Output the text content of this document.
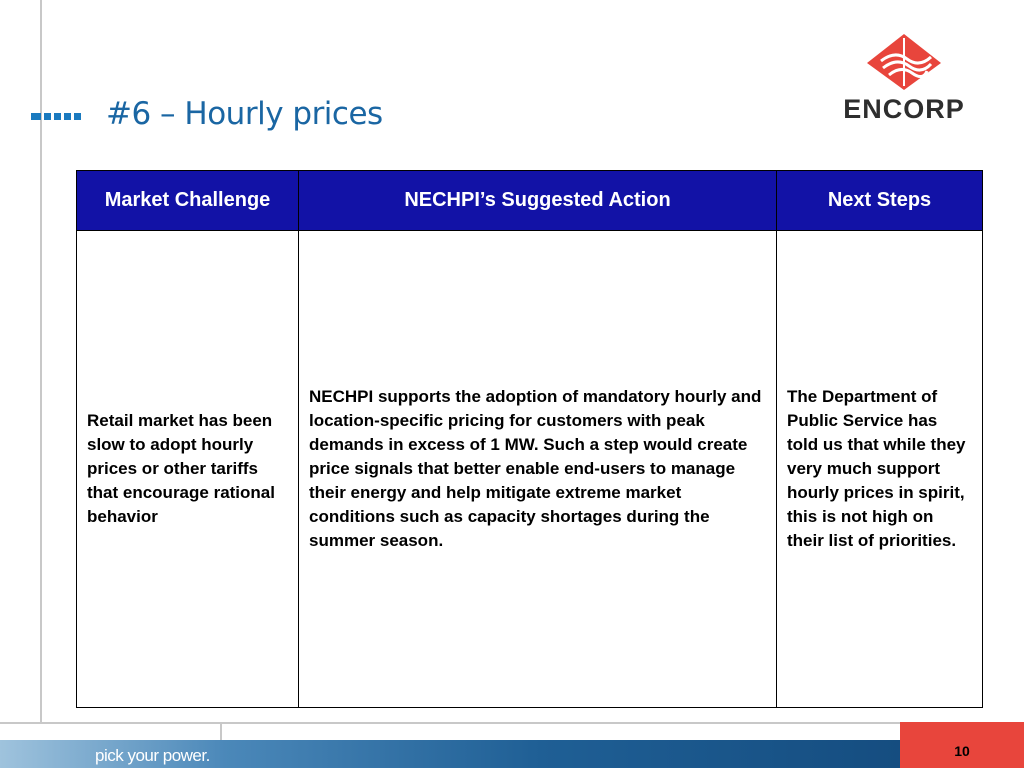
#6 – Hourly prices	ENCORP
Market Challenge	NECHPI’s Suggested Action	Next Steps
Retail market has been slow to adopt hourly prices or other tariffs that encourage rational behavior	NECHPI supports the adoption of mandatory hourly and location-specific pricing for customers with peak demands in excess of 1 MW. Such a step would create price signals that better enable end-users to manage their energy and help mitigate extreme market conditions such as capacity shortages during the summer season.	The Department of Public Service has told us that while they very much support hourly prices in spirit, this is not high on their list of priorities.
pick your power.	10
